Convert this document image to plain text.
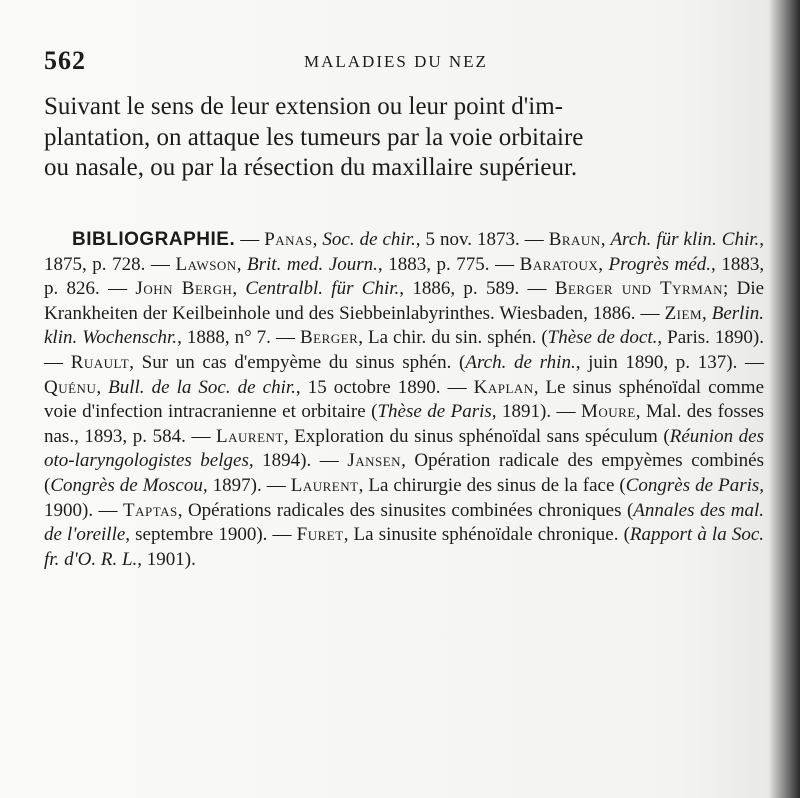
562	MALADIES DU NEZ
Suivant le sens de leur extension ou leur point d'im-
plantation, on attaque les tumeurs par la voie orbitaire
ou nasale, ou par la résection du maxillaire supérieur.

BIBLIOGRAPHIE. — Panas, Soc. de chir., 5 nov. 1873. — Braun, Arch. für klin. Chir., 1875, p. 728. — Lawson, Brit. med. Journ., 1883, p. 775. — Baratoux, Progrès méd., 1883, p. 826. — John Bergh, Centralbl. für Chir., 1886, p. 589. — Berger und Tyrman; Die Krankheiten der Keilbeinhole und des Siebbeinlabyrinthes. Wiesbaden, 1886. — Ziem, Berlin. klin. Wochenschr., 1888, n° 7. — Berger, La chir. du sin. sphén. (Thèse de doct., Paris. 1890). — Ruault, Sur un cas d'empyème du sinus sphén. (Arch. de rhin., juin 1890, p. 137). — Quénu, Bull. de la Soc. de chir., 15 octobre 1890. — Kaplan, Le sinus sphénoïdal comme voie d'infection intracranienne et orbitaire (Thèse de Paris, 1891). — Moure, Mal. des fosses nas., 1893, p. 584. — Laurent, Exploration du sinus sphénoïdal sans spéculum (Réunion des oto-laryngologistes belges, 1894). — Jansen, Opération radicale des empyèmes combinés (Congrès de Moscou, 1897). — Laurent, La chirurgie des sinus de la face (Congrès de Paris, 1900). — Taptas, Opérations radicales des sinusites combinées chroniques (Annales des mal. de l'oreille, septembre 1900). — Furet, La sinusite sphénoïdale chronique. (Rapport à la Soc. fr. d'O. R. L., 1901).
